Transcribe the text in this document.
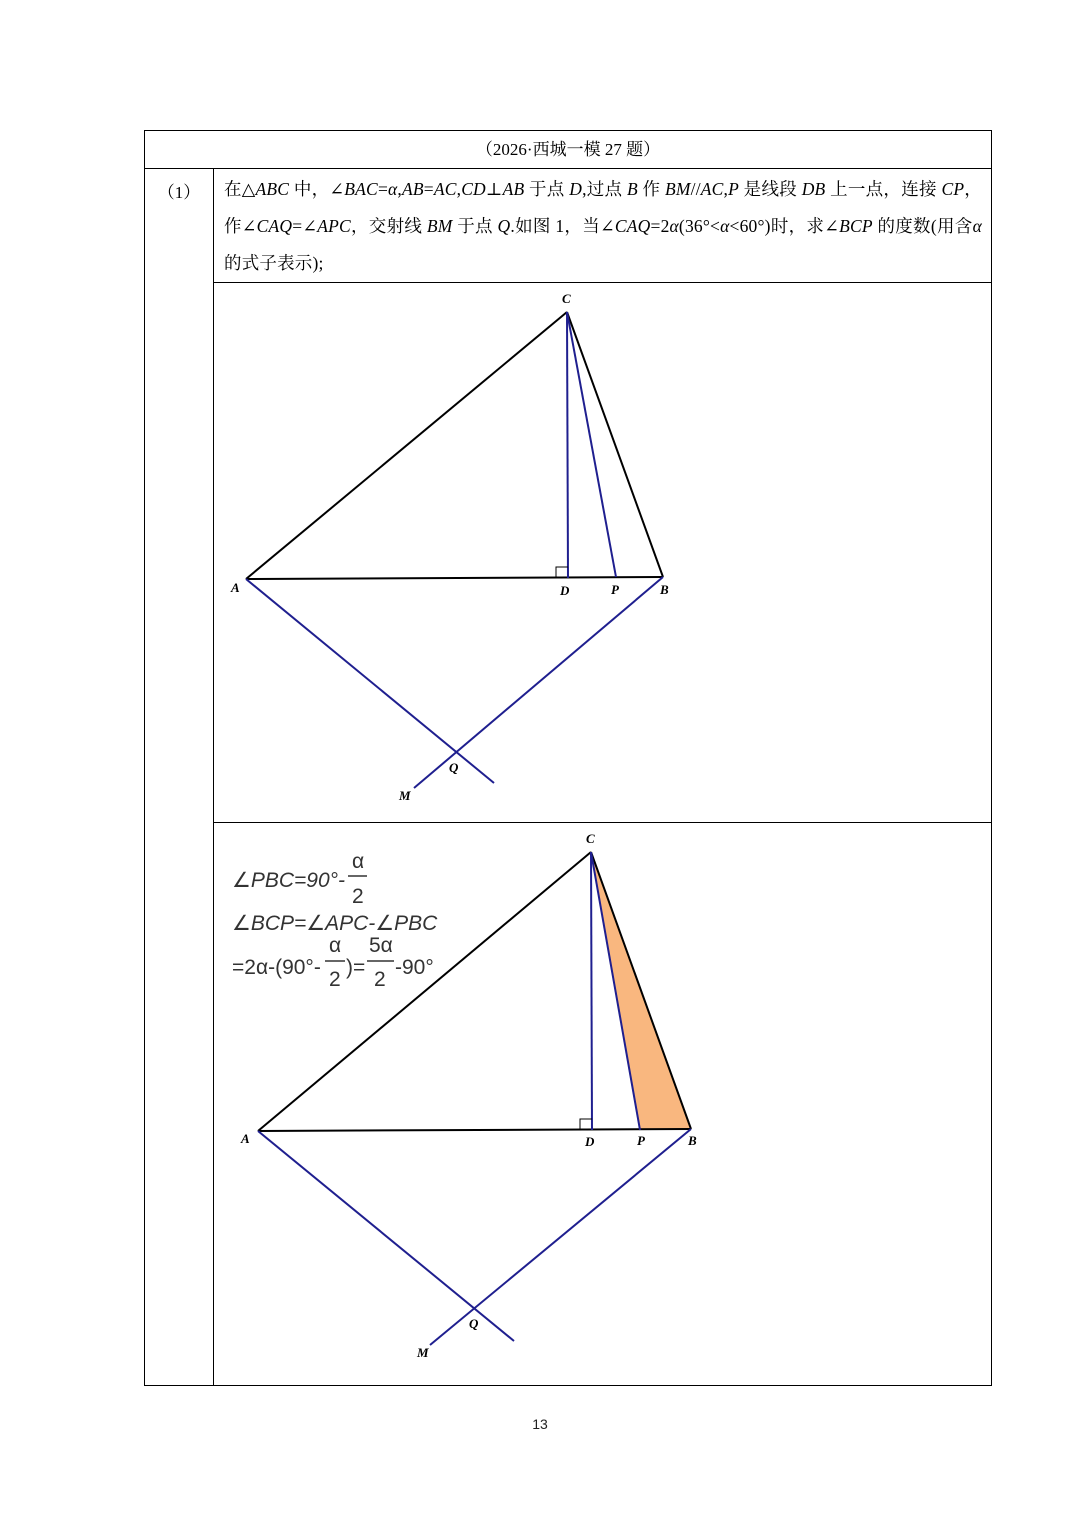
（2026·西城一模 27 题）

（1）	在△ABC 中，∠BAC=α,AB=AC,CD⊥AB 于点 D,过点 B 作 BM//AC,P 是线段 DB 上一点，连接 CP，作∠CAQ=∠APC，交射线 BM 于点 Q.如图 1，当∠CAQ=2α(36°<α<60°)时，求∠BCP 的度数(用含α的式子表示);

C
A	D	P	B
Q
M

C
A	D	P	B
Q
M
∠PBC=90°-
α
2
∠BCP=∠APC-∠PBC
=2α-(90°-
α
2
)=
5α
2
-90°
13
